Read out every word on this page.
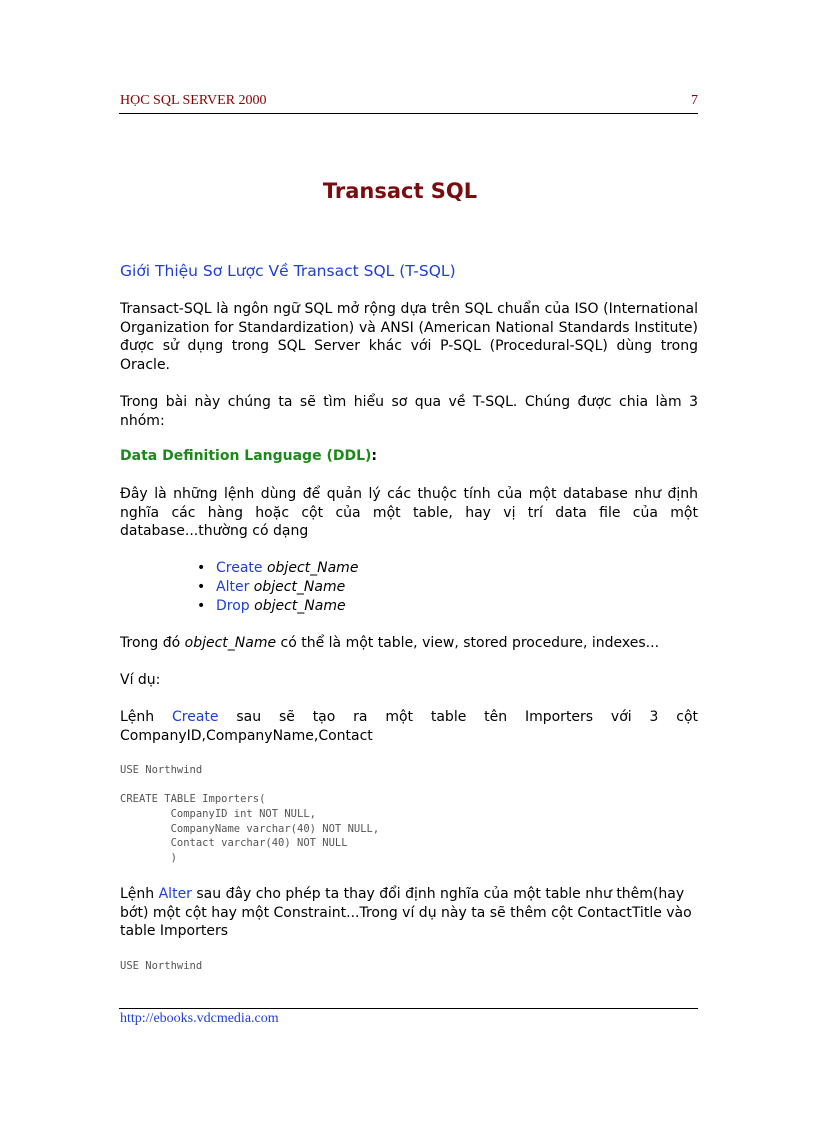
HỌC SQL SERVER 2000	7
Transact SQL
Giới Thiệu Sơ Lược Về Transact SQL (T-SQL)
Transact-SQL là ngôn ngữ SQL mở rộng dựa trên SQL chuẩn của ISO (International Organization for Standardization) và ANSI (American National Standards Institute) được sử dụng trong SQL Server khác với P-SQL (Procedural-SQL) dùng trong Oracle.
Trong bài này chúng ta sẽ tìm hiểu sơ qua về T-SQL. Chúng được chia làm 3 nhóm:
Data Definition Language (DDL):
Đây là những lệnh dùng để quản lý các thuộc tính của một database như định nghĩa các hàng hoặc cột của một table, hay vị trí data file của một database...thường có dạng
• Create object_Name
• Alter object_Name
• Drop object_Name
Trong đó object_Name có thể là một table, view, stored procedure, indexes...
Ví dụ:
Lệnh Create sau sẽ tạo ra một table tên Importers với 3 cột CompanyID,CompanyName,Contact
USE Northwind
CREATE TABLE Importers(
CompanyID int NOT NULL,
CompanyName varchar(40) NOT NULL,
Contact varchar(40) NOT NULL
)
Lệnh Alter sau đây cho phép ta thay đổi định nghĩa của một table như thêm(hay bớt) một cột hay một Constraint...Trong ví dụ này ta sẽ thêm cột ContactTitle vào table Importers
USE Northwind
http://ebooks.vdcmedia.com
